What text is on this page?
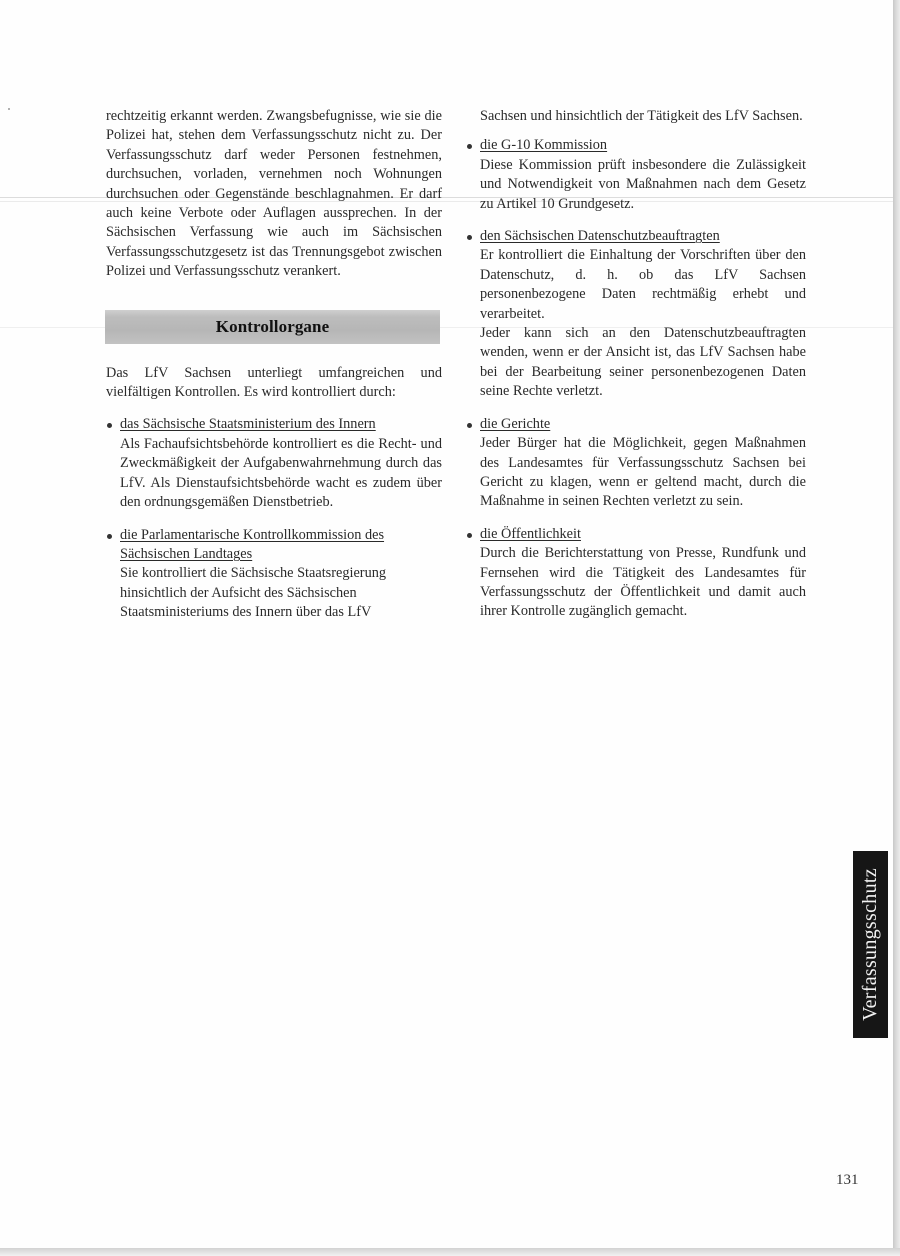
rechtzeitig erkannt werden. Zwangsbefugnisse, wie sie die Polizei hat, stehen dem Verfassungsschutz nicht zu. Der Verfassungsschutz darf weder Personen festnehmen, durchsuchen, vorladen, vernehmen noch Wohnungen durchsuchen oder Gegenstände beschlagnahmen. Er darf auch keine Verbote oder Auflagen aussprechen. In der Sächsischen Verfassung wie auch im Sächsischen Verfassungsschutzgesetz ist das Trennungsgebot zwischen Polizei und Verfassungsschutz verankert.

Kontrollorgane

Das LfV Sachsen unterliegt umfangreichen und vielfältigen Kontrollen. Es wird kontrolliert durch:

das Sächsische Staatsministerium des Innern
Als Fachaufsichtsbehörde kontrolliert es die Recht- und Zweckmäßigkeit der Aufgabenwahrnehmung durch das LfV. Als Dienstaufsichtsbehörde wacht es zudem über den ordnungsgemäßen Dienstbetrieb.
die Parlamentarische Kontrollkommission des Sächsischen Landtages
Sie kontrolliert die Sächsische Staatsregierung hinsichtlich der Aufsicht des Sächsischen Staatsministeriums des Innern über das LfV

Sachsen und hinsichtlich der Tätigkeit des LfV Sachsen.

die G-10 Kommission
Diese Kommission prüft insbesondere die Zulässigkeit und Notwendigkeit von Maßnahmen nach dem Gesetz zu Artikel 10 Grundgesetz.
den Sächsischen Datenschutzbeauftragten
Er kontrolliert die Einhaltung der Vorschriften über den Datenschutz, d. h. ob das LfV Sachsen personenbezogene Daten rechtmäßig erhebt und verarbeitet.
Jeder kann sich an den Datenschutzbeauftragten wenden, wenn er der Ansicht ist, das LfV Sachsen habe bei der Bearbeitung seiner personenbezogenen Daten seine Rechte verletzt.
die Gerichte
Jeder Bürger hat die Möglichkeit, gegen Maßnahmen des Landesamtes für Verfassungsschutz Sachsen bei Gericht zu klagen, wenn er geltend macht, durch die Maßnahme in seinen Rechten verletzt zu sein.
die Öffentlichkeit
Durch die Berichterstattung von Presse, Rundfunk und Fernsehen wird die Tätigkeit des Landesamtes für Verfassungsschutz der Öffentlichkeit und damit auch ihrer Kontrolle zugänglich gemacht.
Verfassungsschutz
131
